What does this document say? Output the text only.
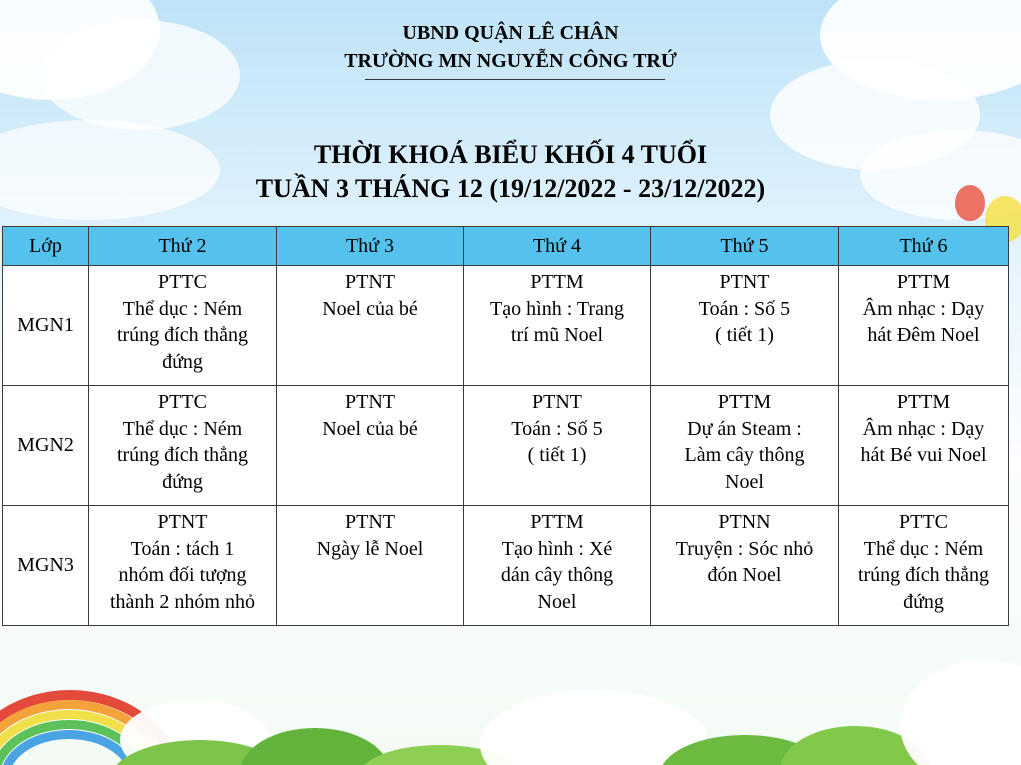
UBND QUẬN LÊ CHÂN
TRƯỜNG MN NGUYỄN CÔNG TRỨ
THỜI KHOÁ BIỂU KHỐI 4 TUỔI
TUẦN 3 THÁNG 12 (19/12/2022 - 23/12/2022)
Lớp	Thứ 2	Thứ 3	Thứ 4	Thứ 5	Thứ 6
MGN1	PTTC
Thể dục : Ném
trúng đích thẳng
đứng	PTNT
Noel của bé	PTTM
Tạo hình : Trang
trí mũ Noel	PTNT
Toán : Số 5
( tiết 1)	PTTM
Âm nhạc : Dạy
hát Đêm Noel

MGN2	PTTC
Thể dục : Ném
trúng đích thẳng
đứng	PTNT
Noel của bé	PTNT
Toán : Số 5
( tiết 1)	PTTM
Dự án Steam :
Làm cây thông
Noel	PTTM
Âm nhạc : Dạy
hát Bé vui Noel

MGN3	PTNT
Toán : tách 1
nhóm đối tượng
thành 2 nhóm nhỏ	PTNT
Ngày lễ Noel	PTTM
Tạo hình : Xé
dán cây thông
Noel	PTNN
Truyện : Sóc nhỏ
đón Noel	PTTC
Thể dục : Ném
trúng đích thẳng
đứng
